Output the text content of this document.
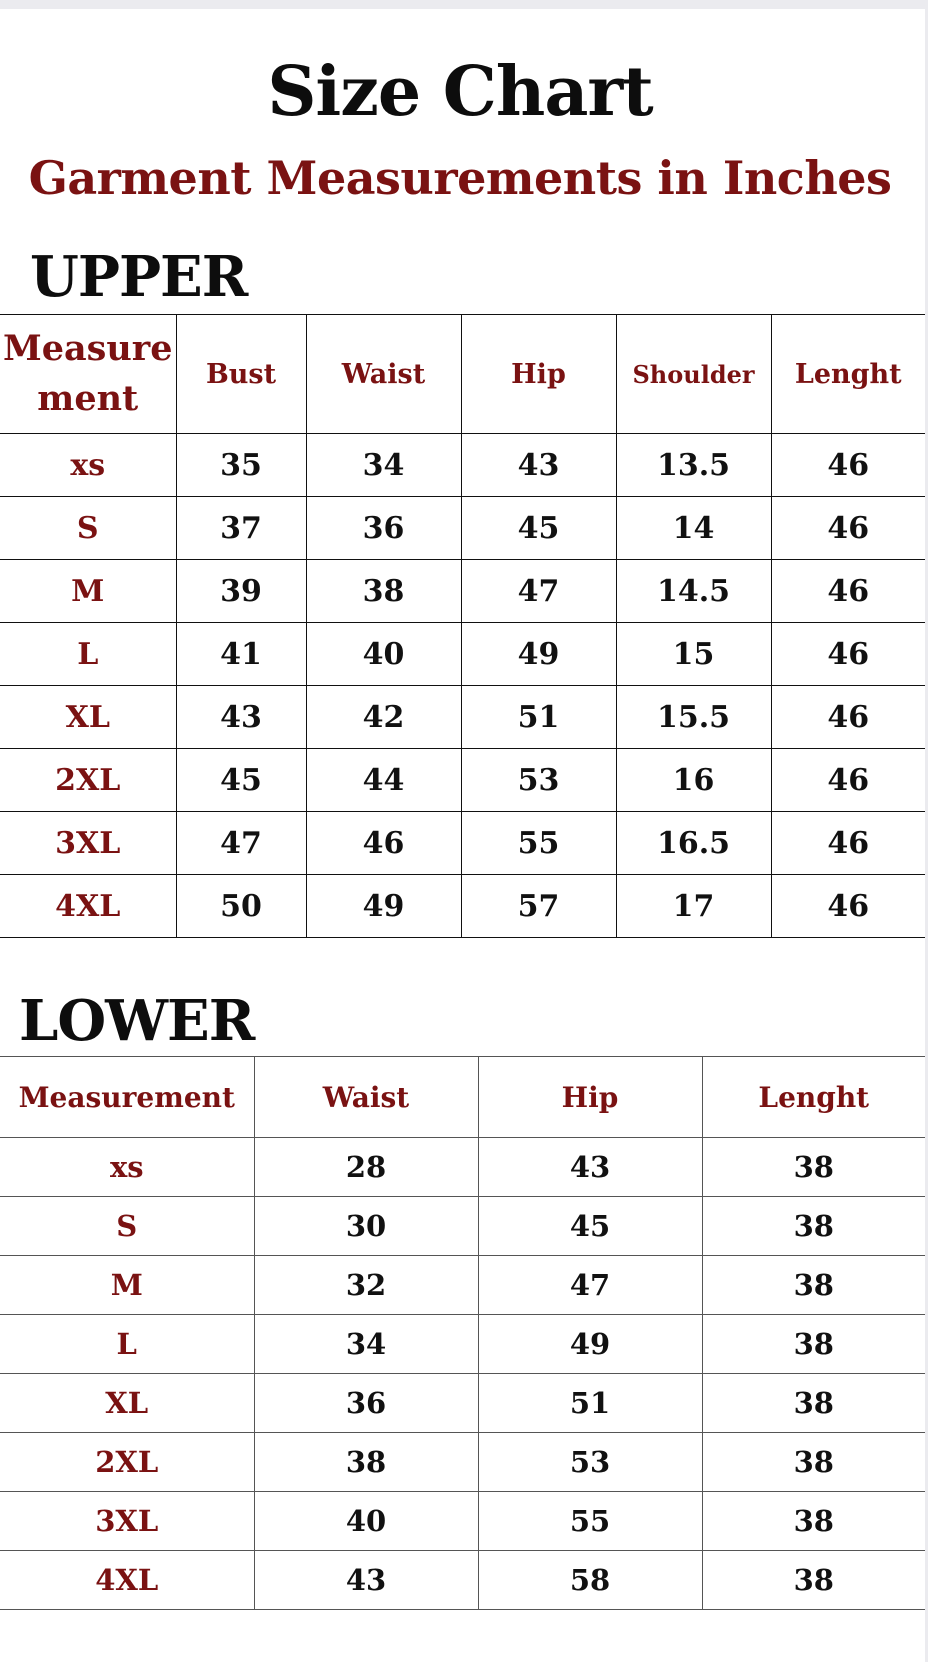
Size Chart
Garment Measurements in Inches
UPPER
Measure ment	Bust	Waist	Hip	Shoulder	Lenght
xs	35	34	43	13.5	46
S	37	36	45	14	46
M	39	38	47	14.5	46
L	41	40	49	15	46
XL	43	42	51	15.5	46
2XL	45	44	53	16	46
3XL	47	46	55	16.5	46
4XL	50	49	57	17	46
LOWER
Measurement	Waist	Hip	Lenght
xs	28	43	38
S	30	45	38
M	32	47	38
L	34	49	38
XL	36	51	38
2XL	38	53	38
3XL	40	55	38
4XL	43	58	38
